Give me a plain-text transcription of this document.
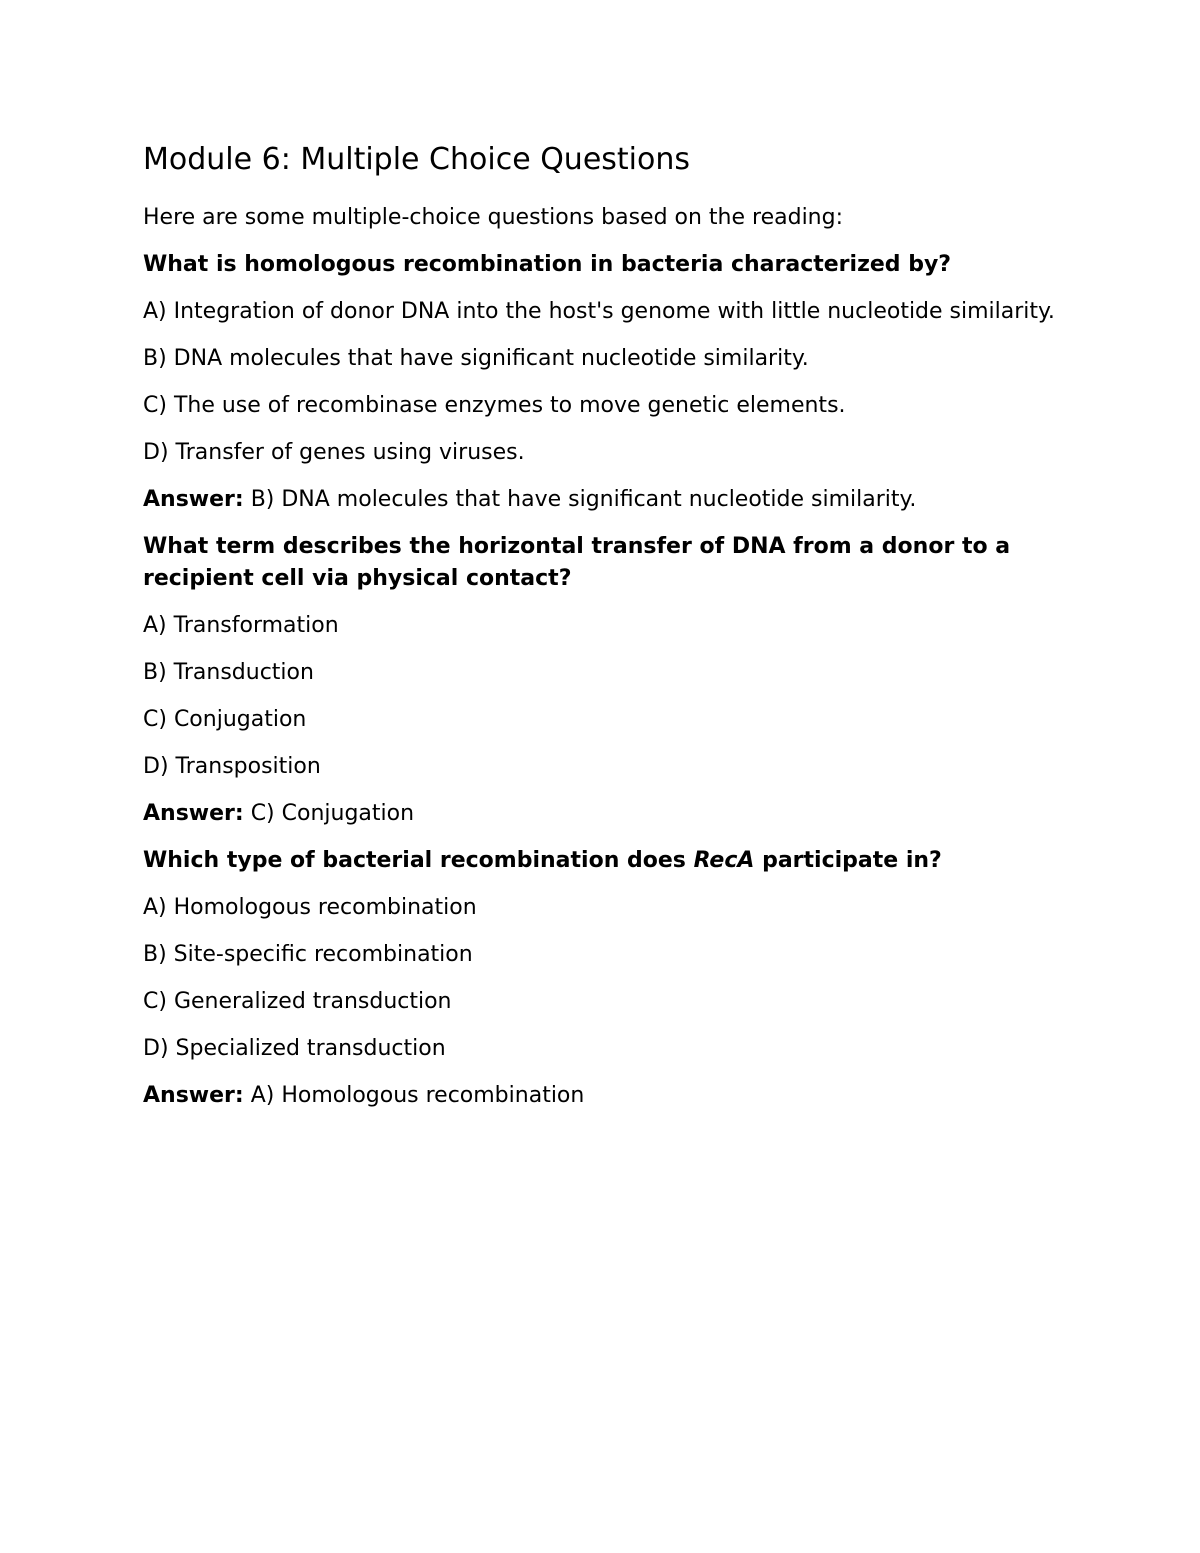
Module 6: Multiple Choice Questions

Here are some multiple-choice questions based on the reading:

What is homologous recombination in bacteria characterized by?

A) Integration of donor DNA into the host's genome with little nucleotide similarity.

B) DNA molecules that have significant nucleotide similarity.

C) The use of recombinase enzymes to move genetic elements.

D) Transfer of genes using viruses.

Answer: B) DNA molecules that have significant nucleotide similarity.

What term describes the horizontal transfer of DNA from a donor to a recipient cell via physical contact?

A) Transformation

B) Transduction

C) Conjugation

D) Transposition

Answer: C) Conjugation

Which type of bacterial recombination does RecA participate in?

A) Homologous recombination

B) Site-specific recombination

C) Generalized transduction

D) Specialized transduction

Answer: A) Homologous recombination
